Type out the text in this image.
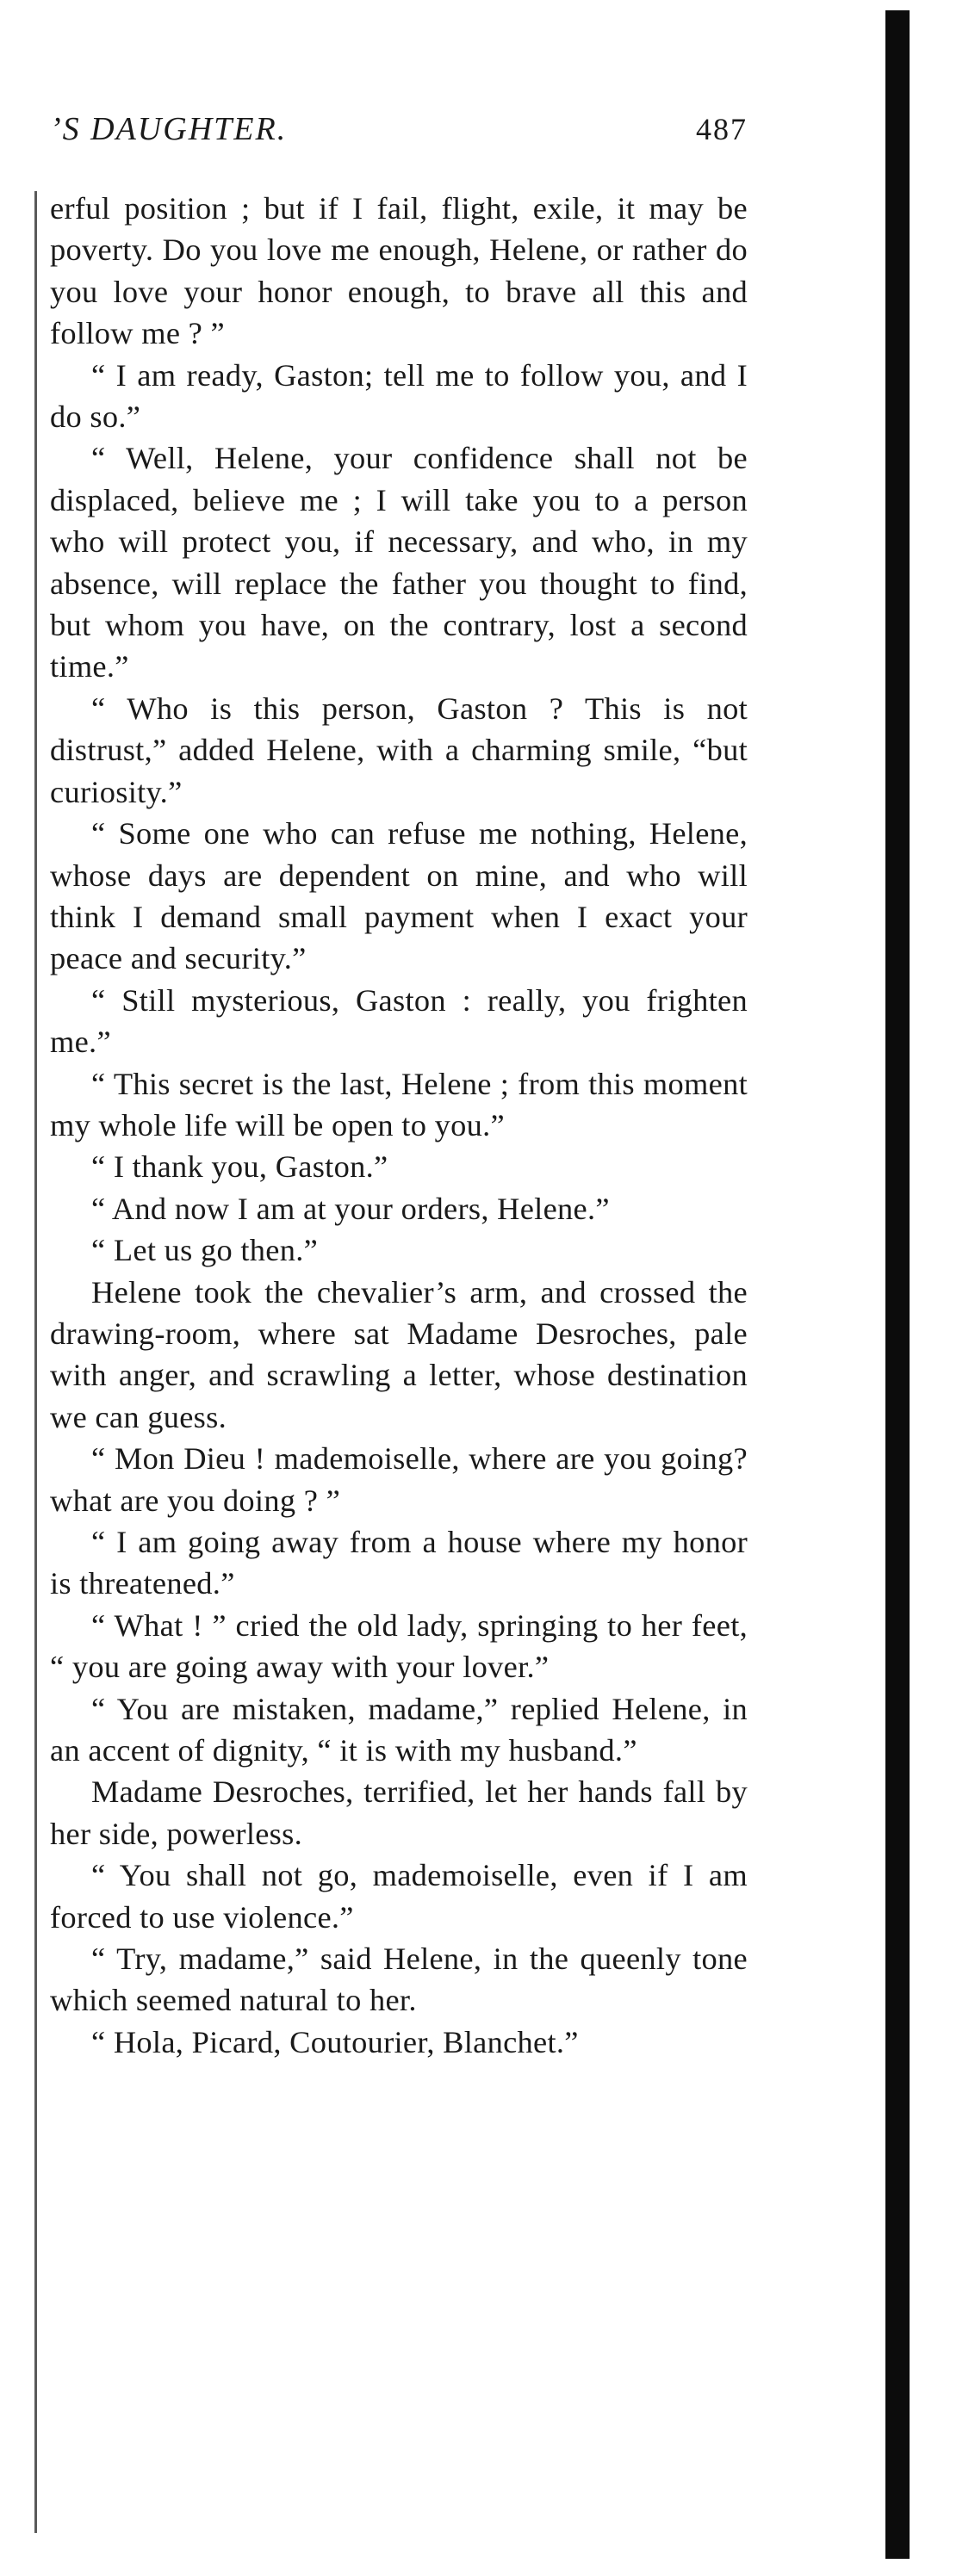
’S DAUGHTER.	487

erful position ; but if I fail, flight, exile, it may be poverty. Do you love me enough, Helene, or rather do you love your honor enough, to brave all this and follow me ? ”

“ I am ready, Gaston; tell me to follow you, and I do so.”

“ Well, Helene, your confidence shall not be displaced, believe me ; I will take you to a person who will protect you, if necessary, and who, in my absence, will replace the father you thought to find, but whom you have, on the contrary, lost a second time.”

“ Who is this person, Gaston ? This is not distrust,” added Helene, with a charming smile, “but curiosity.”

“ Some one who can refuse me nothing, Helene, whose days are dependent on mine, and who will think I demand small payment when I exact your peace and security.”

“ Still mysterious, Gaston : really, you frighten me.”

“ This secret is the last, Helene ; from this moment my whole life will be open to you.”

“ I thank you, Gaston.”

“ And now I am at your orders, Helene.”

“ Let us go then.”

Helene took the chevalier’s arm, and crossed the drawing-room, where sat Madame Desroches, pale with anger, and scrawling a letter, whose destination we can guess.

“ Mon Dieu ! mademoiselle, where are you going? what are you doing ? ”

“ I am going away from a house where my honor is threatened.”

“ What ! ” cried the old lady, springing to her feet, “ you are going away with your lover.”

“ You are mistaken, madame,” replied Helene, in an accent of dignity, “ it is with my husband.”

Madame Desroches, terrified, let her hands fall by her side, powerless.

“ You shall not go, mademoiselle, even if I am forced to use violence.”

“ Try, madame,” said Helene, in the queenly tone which seemed natural to her.

“ Hola, Picard, Coutourier, Blanchet.”
